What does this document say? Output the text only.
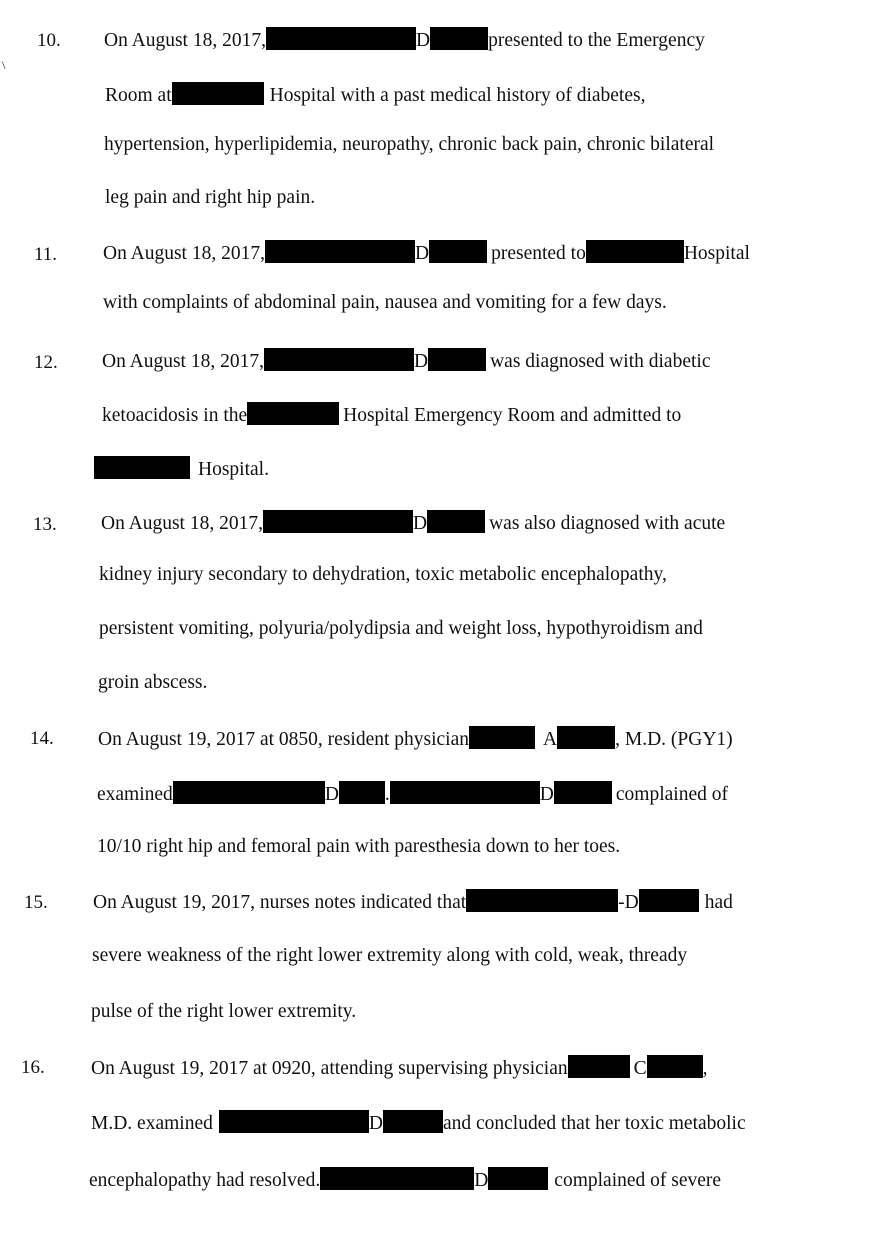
\
10. On August 18, 2017,	D	presented to the Emergency
Room at	Hospital with a past medical history of diabetes,
hypertension, hyperlipidemia, neuropathy, chronic back pain, chronic bilateral
leg pain and right hip pain.
11. On August 18, 2017,	D	presented to	Hospital
with complaints of abdominal pain, nausea and vomiting for a few days.
12. On August 18, 2017,	D	was diagnosed with diabetic
ketoacidosis in the	Hospital Emergency Room and admitted to
Hospital.
13. On August 18, 2017,	D	was also diagnosed with acute
kidney injury secondary to dehydration, toxic metabolic encephalopathy,
persistent vomiting, polyuria/polydipsia and weight loss, hypothyroidism and
groin abscess.
14. On August 19, 2017 at 0850, resident physician	A	, M.D. (PGY1)
examined	D .	D	complained of
10/10 right hip and femoral pain with paresthesia down to her toes.
15. On August 19, 2017, nurses notes indicated that	-D	had
severe weakness of the right lower extremity along with cold, weak, thready
pulse of the right lower extremity.
16. On August 19, 2017 at 0920, attending supervising physician	C	,
M.D. examined	D	and concluded that her toxic metabolic
encephalopathy had resolved.	D	complained of severe
